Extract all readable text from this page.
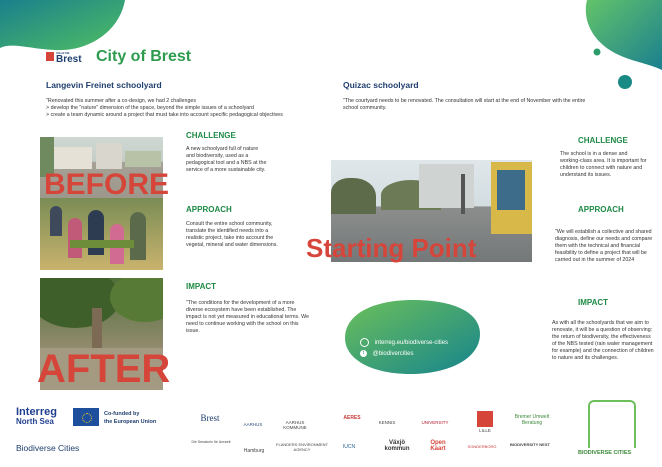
VILLE DE
Brest City of Brest
Langevin Freinet schoolyard
"Renovated this summer after a co-design, we had 2 challenges
> develop the "nature" dimension of the space, beyond the simple issues of a schoolyard
> create a team dynamic around a project that must take into account specific pedagogical objectives
BEFORE
AFTER
CHALLENGE
A new schoolyard full of nature and biodiversity, used as a pedagogical tool and a NBS at the service of a more sustainable city.
APPROACH
Consult the entire school community, translate the identified needs into a realistic project, take into account the vegetal, mineral and water dimensions.
IMPACT
"The conditions for the development of a more diverse ecosystem have been established. The impact is not yet measured in educational terms. We need to continue working with the school on this issue.
Quizac schoolyard
"The courtyard needs to be renovated. The consultation will start at the end of November with the entire school community.
Starting Point
CHALLENGE
The school is in a dense and working-class area. It is important for children to connect with nature and understand its issues.
APPROACH
"We will establish a collective and shared diagnosis, define our needs and compare them with the technical and financial feasibility to define a project that will be carried out in the summer of 2024
IMPACT
As with all the schoolyards that we aim to renovate, it will be a question of observing: the return of biodiversity, the effectiveness of the NBS tested (rain water management for example) and the connection of children to nature and its challenges.
interreg.eu/biodiverse-cities
t @biodivercities
Interreg
North Sea
Co-funded by
the European Union
Biodiverse Cities
Brest
AARHUS	AARHUS KOMMUNE
AERES
KENNIS	UNIVERSITY
LILLE
Bremer Umwelt Beratung
Die Senatorin für Umwelt
Hamburg
FLANDERS ENVIRONMENT AGENCY	IUCN
Växjö kommun
Open Kaart	SONDERBORG	BIODIVERSITY NEST
BIODIVERSE CITIES
